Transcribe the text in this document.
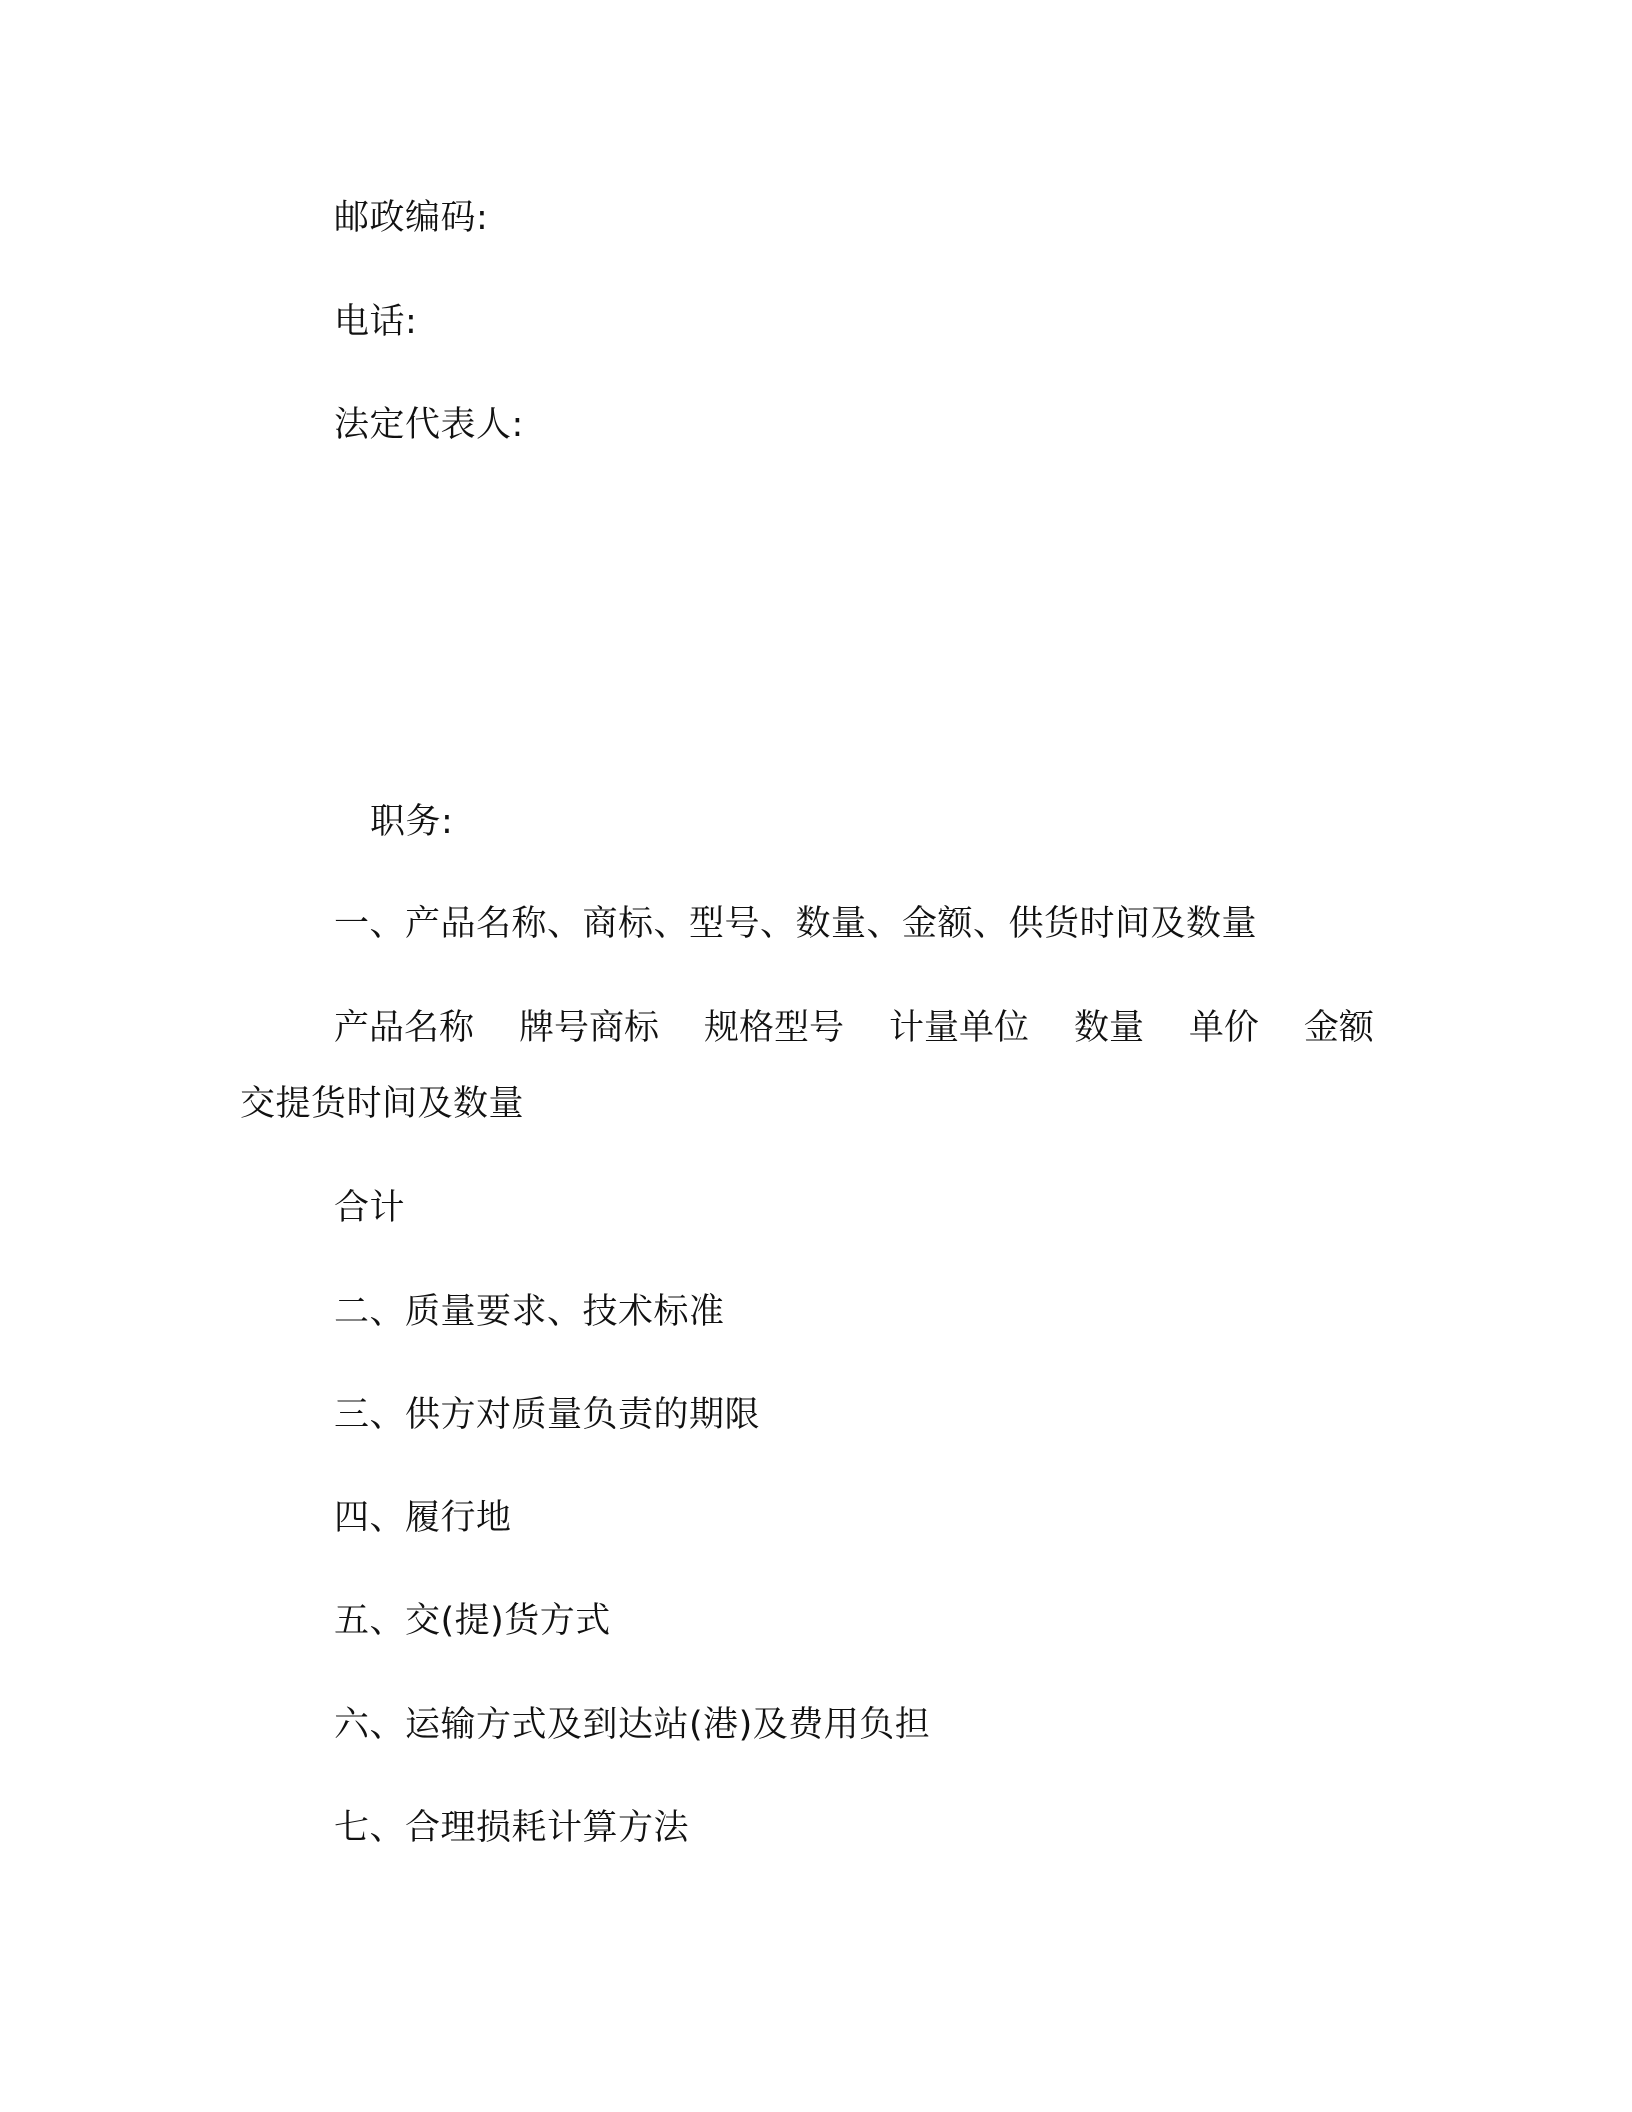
邮政编码:
电话:
法定代表人:
职务:
一、产品名称、商标、型号、数量、金额、供货时间及数量
产品名称 牌号商标 规格型号 计量单位 数量 单价 金额
交提货时间及数量
合计
二、质量要求、技术标准
三、供方对质量负责的期限
四、履行地
五、交(提)货方式
六、运输方式及到达站(港)及费用负担
七、合理损耗计算方法
